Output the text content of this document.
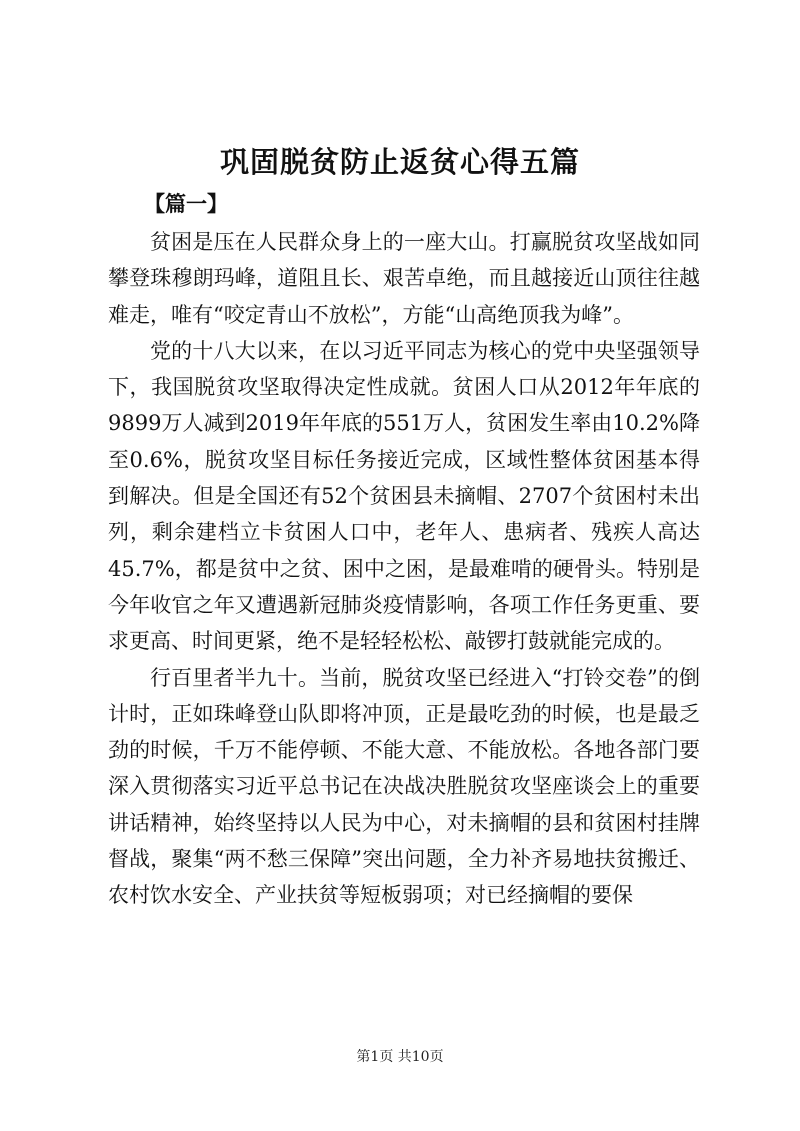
巩固脱贫防止返贫心得五篇
【篇一】

贫困是压在人民群众身上的一座大山。打赢脱贫攻坚战如同攀登珠穆朗玛峰，道阻且长、艰苦卓绝，而且越接近山顶往往越难走，唯有“咬定青山不放松”，方能“山高绝顶我为峰”。

党的十八大以来，在以习近平同志为核心的党中央坚强领导下，我国脱贫攻坚取得决定性成就。贫困人口从2012年年底的9899万人减到2019年年底的551万人，贫困发生率由10.2%降至0.6%，脱贫攻坚目标任务接近完成，区域性整体贫困基本得到解决。但是全国还有52个贫困县未摘帽、2707个贫困村未出列，剩余建档立卡贫困人口中，老年人、患病者、残疾人高达45.7%，都是贫中之贫、困中之困，是最难啃的硬骨头。特别是今年收官之年又遭遇新冠肺炎疫情影响，各项工作任务更重、要求更高、时间更紧，绝不是轻轻松松、敲锣打鼓就能完成的。

行百里者半九十。当前，脱贫攻坚已经进入“打铃交卷”的倒计时，正如珠峰登山队即将冲顶，正是最吃劲的时候，也是最乏劲的时候，千万不能停顿、不能大意、不能放松。各地各部门要深入贯彻落实习近平总书记在决战决胜脱贫攻坚座谈会上的重要讲话精神，始终坚持以人民为中心，对未摘帽的县和贫困村挂牌督战，聚集“两不愁三保障”突出问题，全力补齐易地扶贫搬迁、农村饮水安全、产业扶贫等短板弱项；对已经摘帽的要保

第1页 共10页
